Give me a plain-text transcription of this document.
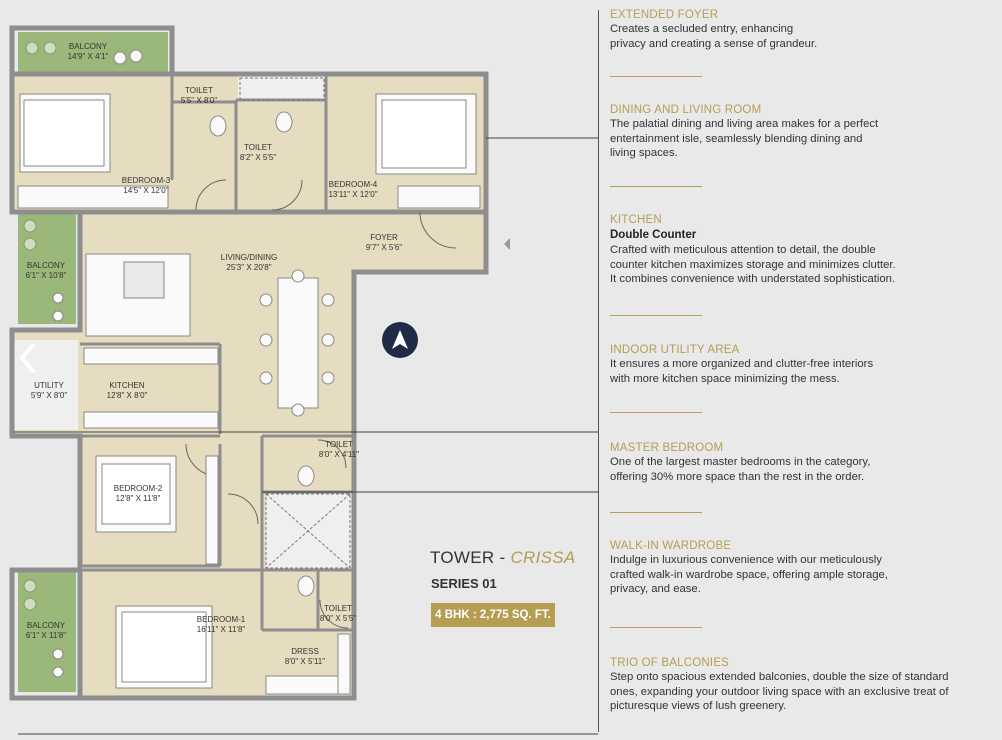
BALCONY
14'9" X 4'1"
TOILET
5'5" X 8'0"
TOILET
8'2" X 5'5"
BEDROOM-3
14'5" X 12'0"
BEDROOM-4
13'11" X 12'0"
FOYER
9'7" X 5'6"
LIVING/DINING
25'3" X 20'8"
BALCONY
6'1" X 10'8"
UTILITY
5'9" X 8'0"
KITCHEN
12'8" X 8'0"
TOILET
8'0" X 4'11"
BEDROOM-2
12'8" X 11'8"
BALCONY
6'1" X 11'8"
BEDROOM-1
16'11" X 11'8"
TOILET
8'0" X 5'5"
DRESS
8'0" X 5'11"
TOWER - CRISSA
SERIES 01
4 BHK : 2,775 SQ. FT.
EXTENDED FOYER
Creates a secluded entry, enhancing
privacy and creating a sense of grandeur.
DINING AND LIVING ROOM
The palatial dining and living area makes for a perfect
entertainment isle, seamlessly blending dining and
living spaces.
KITCHEN
Double Counter
Crafted with meticulous attention to detail, the double
counter kitchen maximizes storage and minimizes clutter.
It combines convenience with understated sophistication.
INDOOR UTILITY AREA
It ensures a more organized and clutter-free interiors
with more kitchen space minimizing the mess.
MASTER BEDROOM
One of the largest master bedrooms in the category,
offering 30% more space than the rest in the order.
WALK-IN WARDROBE
Indulge in luxurious convenience with our meticulously
crafted walk-in wardrobe space, offering ample storage,
privacy, and ease.
TRIO OF BALCONIES
Step onto spacious extended balconies, double the size of standard
ones, expanding your outdoor living space with an exclusive treat of
picturesque views of lush greenery.
